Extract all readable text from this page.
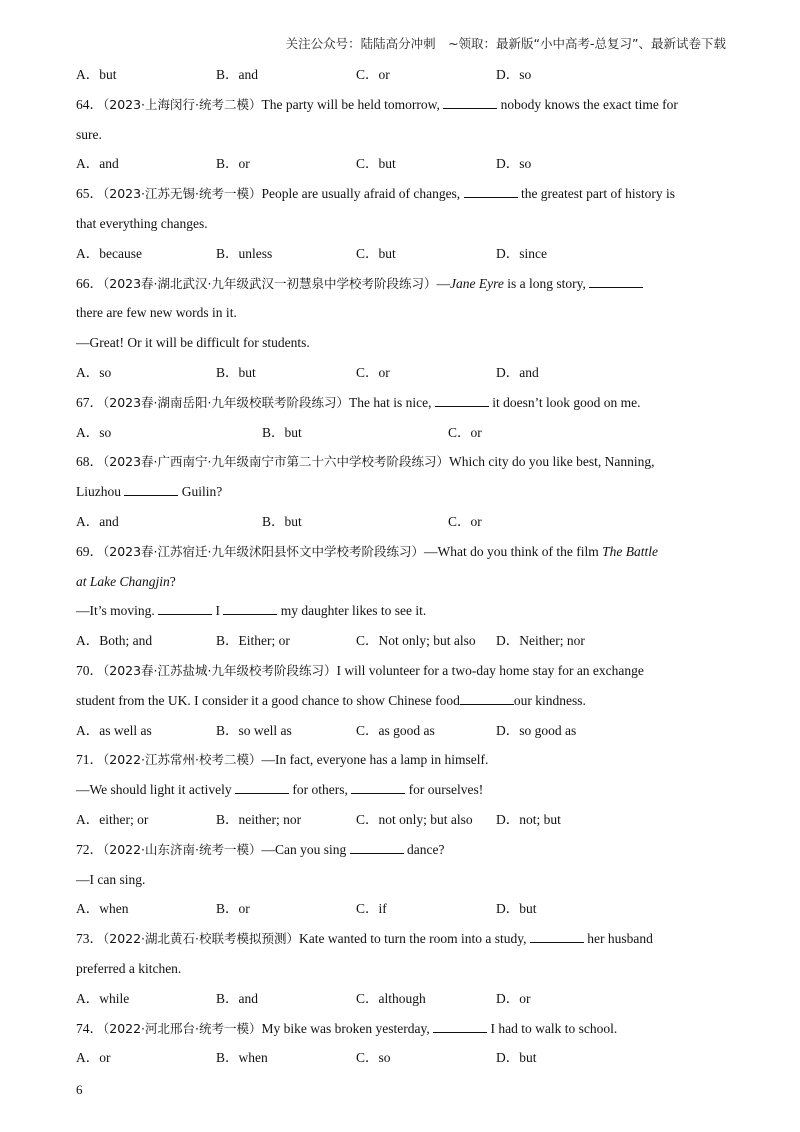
关注公众号：陆陆高分冲刺　~领取：最新版“小中高考-总复习”、最新试卷下载
A．but	B．and	C．or	D．so
64．（2023·上海闵行·统考二模）The party will be held tomorrow,	nobody knows the exact time for
sure.
A．and	B．or	C．but	D．so
65．（2023·江苏无锡·统考一模）People are usually afraid of changes,	the greatest part of history is
that everything changes.
A．because	B．unless	C．but	D．since
66．（2023春·湖北武汉·九年级武汉一初慧泉中学校考阶段练习）—Jane Eyre is a long story,
there are few new words in it.
—Great! Or it will be difficult for students.
A．so	B．but	C．or	D．and
67．（2023春·湖南岳阳·九年级校联考阶段练习）The hat is nice,	it doesn’t look good on me.
A．so	B．but	C．or
68．（2023春·广西南宁·九年级南宁市第二十六中学校考阶段练习）Which city do you like best, Nanning,
Liuzhou	Guilin?
A．and	B．but	C．or
69．（2023春·江苏宿迁·九年级沭阳县怀文中学校考阶段练习）—What do you think of the film The Battle
at Lake Changjin?
—It’s moving.	I	my daughter likes to see it.
A．Both; and	B．Either; or	C．Not only; but also	D．Neither; nor
70．（2023春·江苏盐城·九年级校考阶段练习）I will volunteer for a two-day home stay for an exchange
student from the UK. I consider it a good chance to show Chinese food	our kindness.
A．as well as	B．so well as	C．as good as	D．so good as
71．（2022·江苏常州·校考二模）—In fact, everyone has a lamp in himself.
—We should light it actively	for others,	for ourselves!
A．either; or	B．neither; nor	C．not only; but also	D．not; but
72．（2022·山东济南·统考一模）—Can you sing	dance?
—I can sing.
A．when	B．or	C．if	D．but
73．（2022·湖北黄石·校联考模拟预测）Kate wanted to turn the room into a study,	her husband
preferred a kitchen.
A．while	B．and	C．although	D．or
74．（2022·河北邢台·统考一模）My bike was broken yesterday,	I had to walk to school.
A．or	B．when	C．so	D．but
6
